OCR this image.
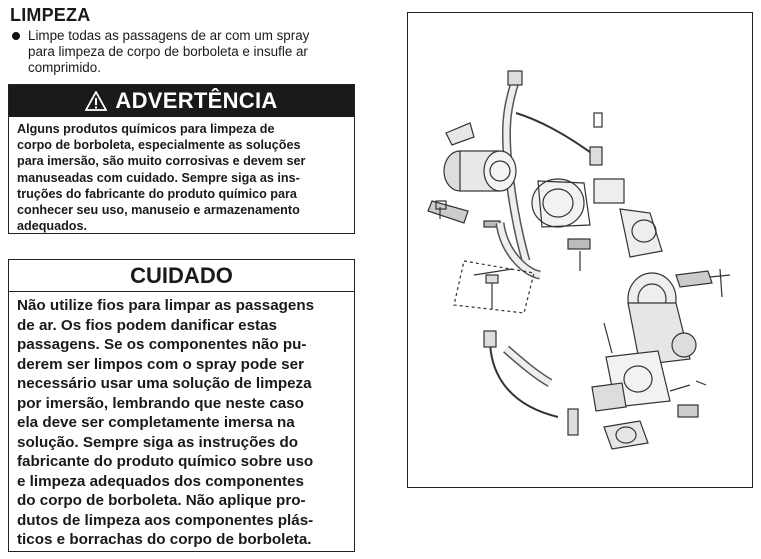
LIMPEZA
Limpe todas as passagens de ar com um spray
para limpeza de corpo de borboleta e insufle ar
comprimido.
ADVERTÊNCIA
Alguns produtos químicos para limpeza de
corpo de borboleta, especialmente as soluções
para imersão, são muito corrosivas e devem ser
manuseadas com cuidado. Sempre siga as ins-
truções do fabricante do produto químico para
conhecer seu uso, manuseio e armazenamento
adequados.
CUIDADO
Não utilize fios para limpar as passagens
de ar. Os fios podem danificar estas
passagens. Se os componentes não pu-
derem ser limpos com o spray pode ser
necessário usar uma solução de limpeza
por imersão, lembrando que neste caso
ela deve ser completamente imersa na
solução. Sempre siga as instruções do
fabricante do produto químico sobre uso
e limpeza adequados dos componentes
do corpo de borboleta. Não aplique pro-
dutos de limpeza aos componentes plás-
ticos e borrachas do corpo de borboleta.
